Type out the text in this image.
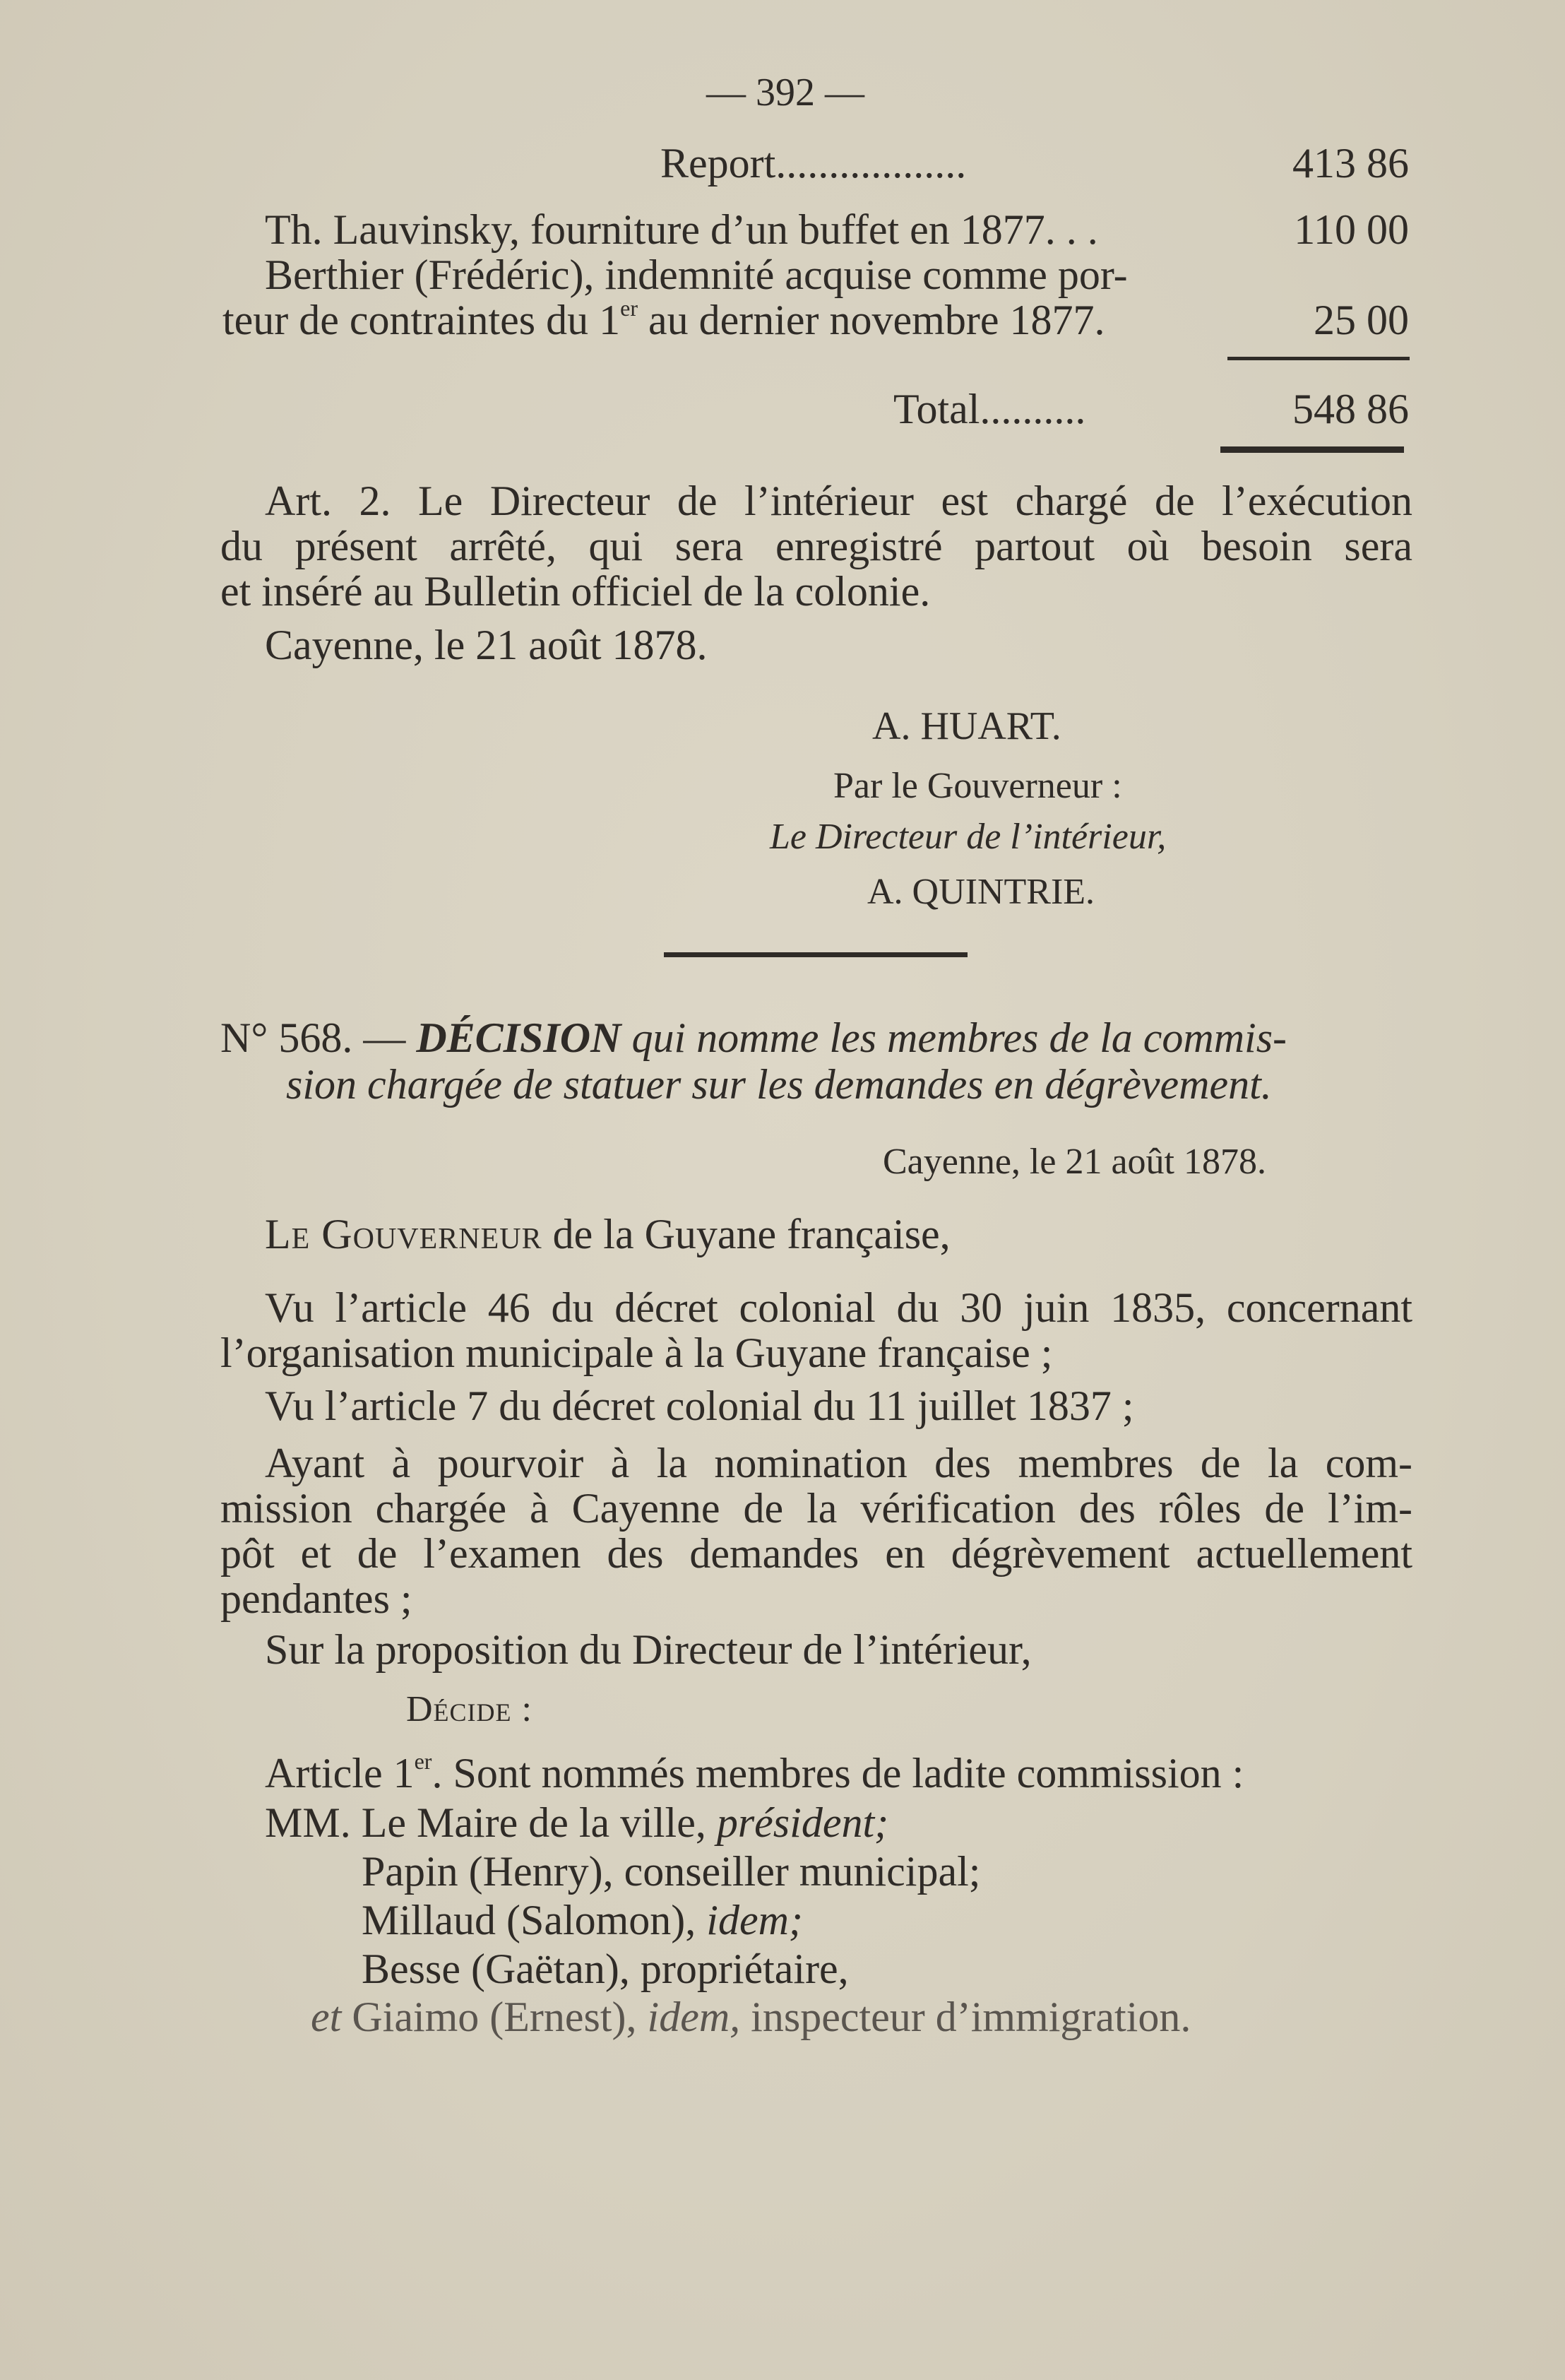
— 392 —
Report..................	413 86
Th. Lauvinsky, fourniture d’un buffet en 1877. . .	110 00
Berthier (Frédéric), indemnité acquise comme por-
teur de contraintes du 1er au dernier novembre 1877.	25 00
Total..........	548 86
Art. 2. Le Directeur de l’intérieur est chargé de l’exécution
du présent arrêté, qui sera enregistré partout où besoin sera
et inséré au Bulletin officiel de la colonie.
Cayenne, le 21 août 1878.
A. HUART.
Par le Gouverneur :
Le Directeur de l’intérieur,
A. QUINTRIE.
N° 568. — DÉCISION qui nomme les membres de la commis-
sion chargée de statuer sur les demandes en dégrèvement.
Cayenne, le 21 août 1878.
Le Gouverneur de la Guyane française,
Vu l’article 46 du décret colonial du 30 juin 1835, concernant
l’organisation municipale à la Guyane française ;
Vu l’article 7 du décret colonial du 11 juillet 1837 ;
Ayant à pourvoir à la nomination des membres de la com-
mission chargée à Cayenne de la vérification des rôles de l’im-
pôt et de l’examen des demandes en dégrèvement actuellement
pendantes ;
Sur la proposition du Directeur de l’intérieur,
Décide :
Article 1er. Sont nommés membres de ladite commission :
MM. Le Maire de la ville, président;
Papin (Henry), conseiller municipal;
Millaud (Salomon), idem;
Besse (Gaëtan), propriétaire,
et Giaimo (Ernest), idem, inspecteur d’immigration.
